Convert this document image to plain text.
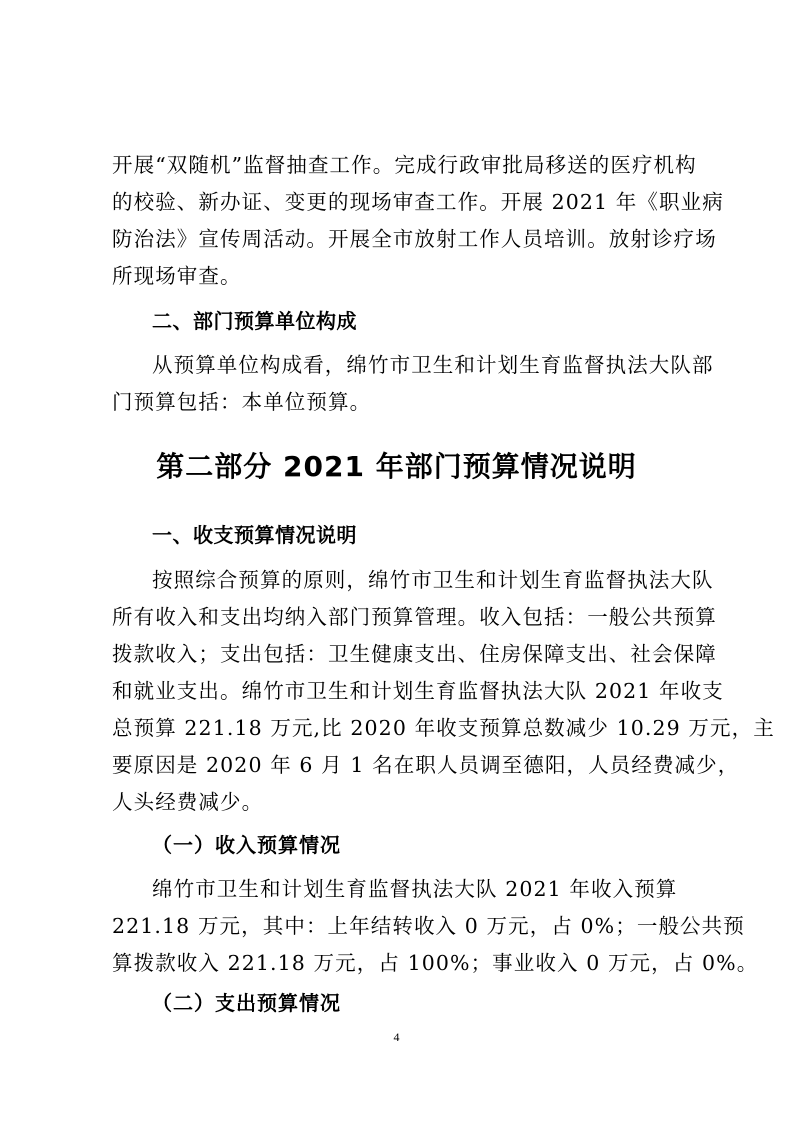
开展“双随机”监督抽查工作。完成行政审批局移送的医疗机构
的校验、新办证、变更的现场审查工作。开展 2021 年《职业病
防治法》宣传周活动。开展全市放射工作人员培训。放射诊疗场
所现场审查。
二、部门预算单位构成
从预算单位构成看，绵竹市卫生和计划生育监督执法大队部
门预算包括：本单位预算。
第二部分 2021 年部门预算情况说明
一、收支预算情况说明
按照综合预算的原则，绵竹市卫生和计划生育监督执法大队
所有收入和支出均纳入部门预算管理。收入包括：一般公共预算
拨款收入；支出包括：卫生健康支出、住房保障支出、社会保障
和就业支出。绵竹市卫生和计划生育监督执法大队 2021 年收支
总预算 221.18 万元,比 2020 年收支预算总数减少 10.29 万元，主
要原因是 2020 年 6 月 1 名在职人员调至德阳，人员经费减少，
人头经费减少。
（一）收入预算情况
绵竹市卫生和计划生育监督执法大队 2021 年收入预算
221.18 万元，其中：上年结转收入 0 万元，占 0%；一般公共预
算拨款收入 221.18 万元，占 100%；事业收入 0 万元，占 0%。
（二）支出预算情况
4
